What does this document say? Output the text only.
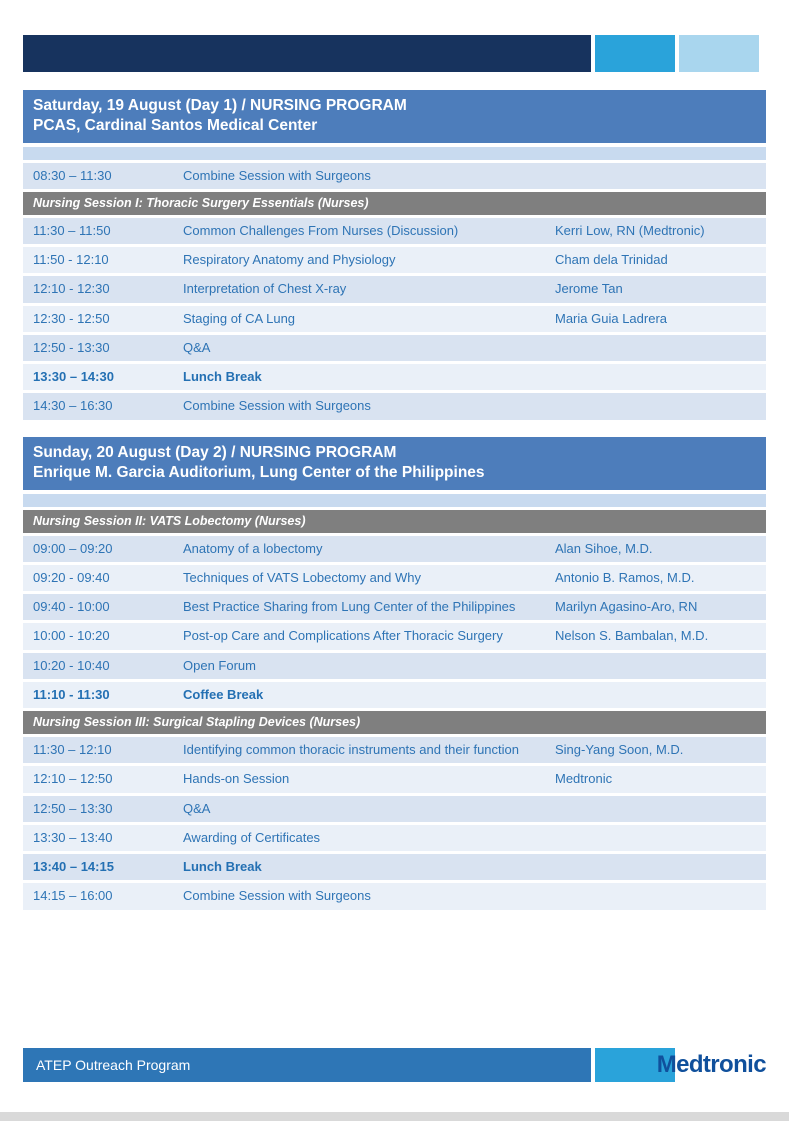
Saturday, 19 August (Day 1) / NURSING PROGRAM
PCAS, Cardinal Santos Medical Center
08:30 – 11:30	Combine Session with Surgeons
Nursing Session I: Thoracic Surgery Essentials (Nurses)
11:30 – 11:50	Common Challenges From Nurses (Discussion)	Kerri Low, RN (Medtronic)
11:50 - 12:10	Respiratory Anatomy and Physiology	Cham dela Trinidad
12:10 - 12:30	Interpretation of Chest X-ray	Jerome Tan
12:30 - 12:50	Staging of CA Lung	Maria Guia Ladrera
12:50 - 13:30	Q&A
13:30 – 14:30	Lunch Break
14:30 – 16:30	Combine Session with Surgeons
Sunday, 20 August (Day 2) / NURSING PROGRAM
Enrique M. Garcia Auditorium, Lung Center of the Philippines
Nursing Session II: VATS Lobectomy (Nurses)
09:00 – 09:20	Anatomy of a lobectomy	Alan Sihoe, M.D.
09:20 - 09:40	Techniques of VATS Lobectomy and Why	Antonio B. Ramos, M.D.
09:40 - 10:00	Best Practice Sharing from Lung Center of the Philippines	Marilyn Agasino-Aro, RN
10:00 - 10:20	Post-op Care and Complications After Thoracic Surgery	Nelson S. Bambalan, M.D.
10:20 - 10:40	Open Forum
11:10 - 11:30	Coffee Break
Nursing Session III: Surgical Stapling Devices (Nurses)
11:30 – 12:10	Identifying common thoracic instruments and their function	Sing-Yang Soon, M.D.
12:10 – 12:50	Hands-on Session	Medtronic
12:50 – 13:30	Q&A
13:30 – 13:40	Awarding of Certificates
13:40 – 14:15	Lunch Break
14:15 – 16:00	Combine Session with Surgeons
ATEP Outreach Program	Medtronic
